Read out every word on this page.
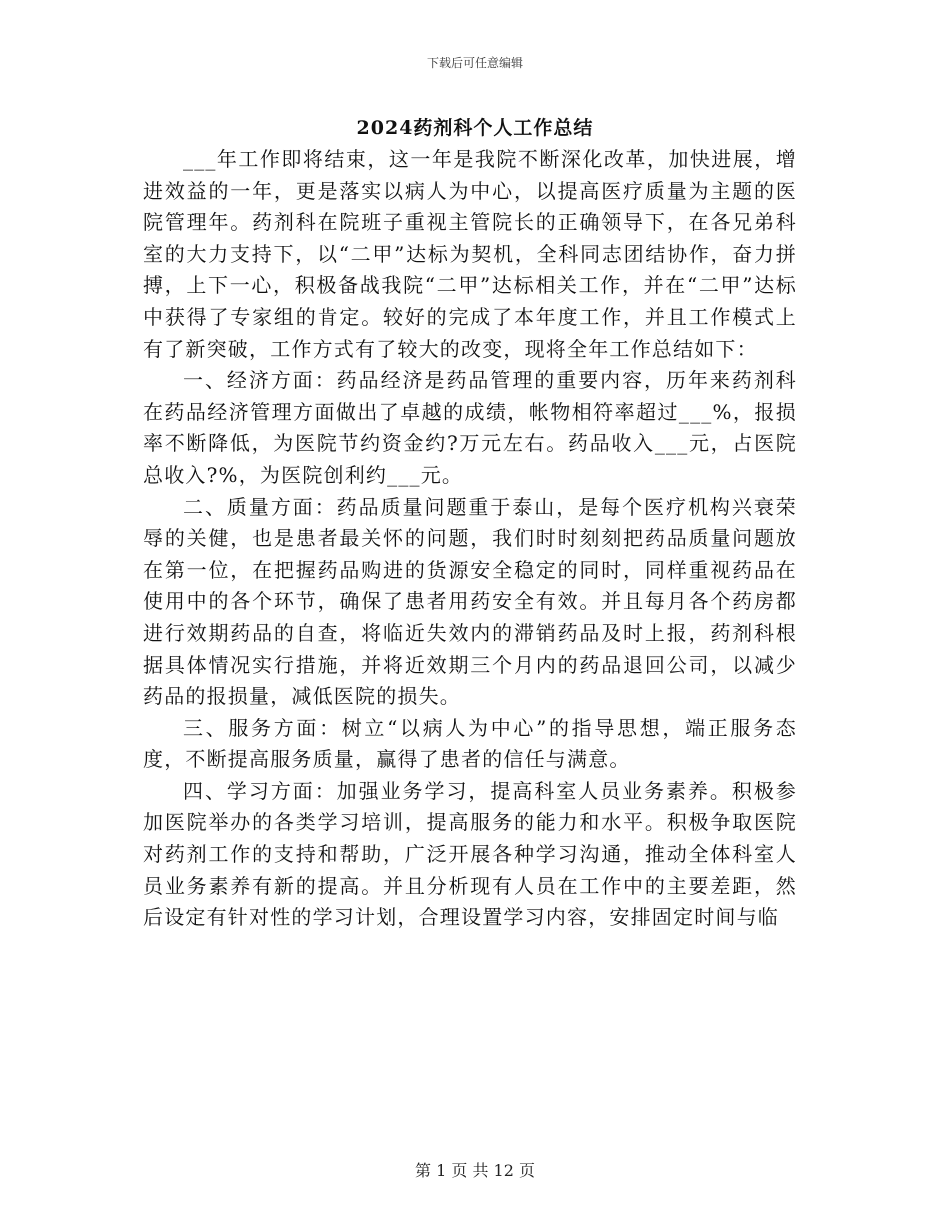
下载后可任意编辑
2024药剂科个人工作总结

___年工作即将结束，这一年是我院不断深化改革，加快进展，增进效益的一年，更是落实以病人为中心，以提高医疗质量为主题的医院管理年。药剂科在院班子重视主管院长的正确领导下，在各兄弟科室的大力支持下，以“二甲”达标为契机，全科同志团结协作，奋力拼搏，上下一心，积极备战我院“二甲”达标相关工作，并在“二甲”达标中获得了专家组的肯定。较好的完成了本年度工作，并且工作模式上有了新突破，工作方式有了较大的改变，现将全年工作总结如下：

一、经济方面：药品经济是药品管理的重要内容，历年来药剂科在药品经济管理方面做出了卓越的成绩，帐物相符率超过___%，报损率不断降低，为医院节约资金约?万元左右。药品收入___元，占医院总收入?%，为医院创利约___元。

二、质量方面：药品质量问题重于泰山，是每个医疗机构兴衰荣辱的关健，也是患者最关怀的问题，我们时时刻刻把药品质量问题放在第一位，在把握药品购进的货源安全稳定的同时，同样重视药品在使用中的各个环节，确保了患者用药安全有效。并且每月各个药房都进行效期药品的自查，将临近失效内的滞销药品及时上报，药剂科根据具体情况实行措施，并将近效期三个月内的药品退回公司，以减少药品的报损量，减低医院的损失。

三、服务方面：树立“以病人为中心”的指导思想，端正服务态度，不断提高服务质量，赢得了患者的信任与满意。

四、学习方面：加强业务学习，提高科室人员业务素养。积极参加医院举办的各类学习培训，提高服务的能力和水平。积极争取医院对药剂工作的支持和帮助，广泛开展各种学习沟通，推动全体科室人员业务素养有新的提高。并且分析现有人员在工作中的主要差距，然后设定有针对性的学习计划，合理设置学习内容，安排固定时间与临

第 1 页 共 12 页
